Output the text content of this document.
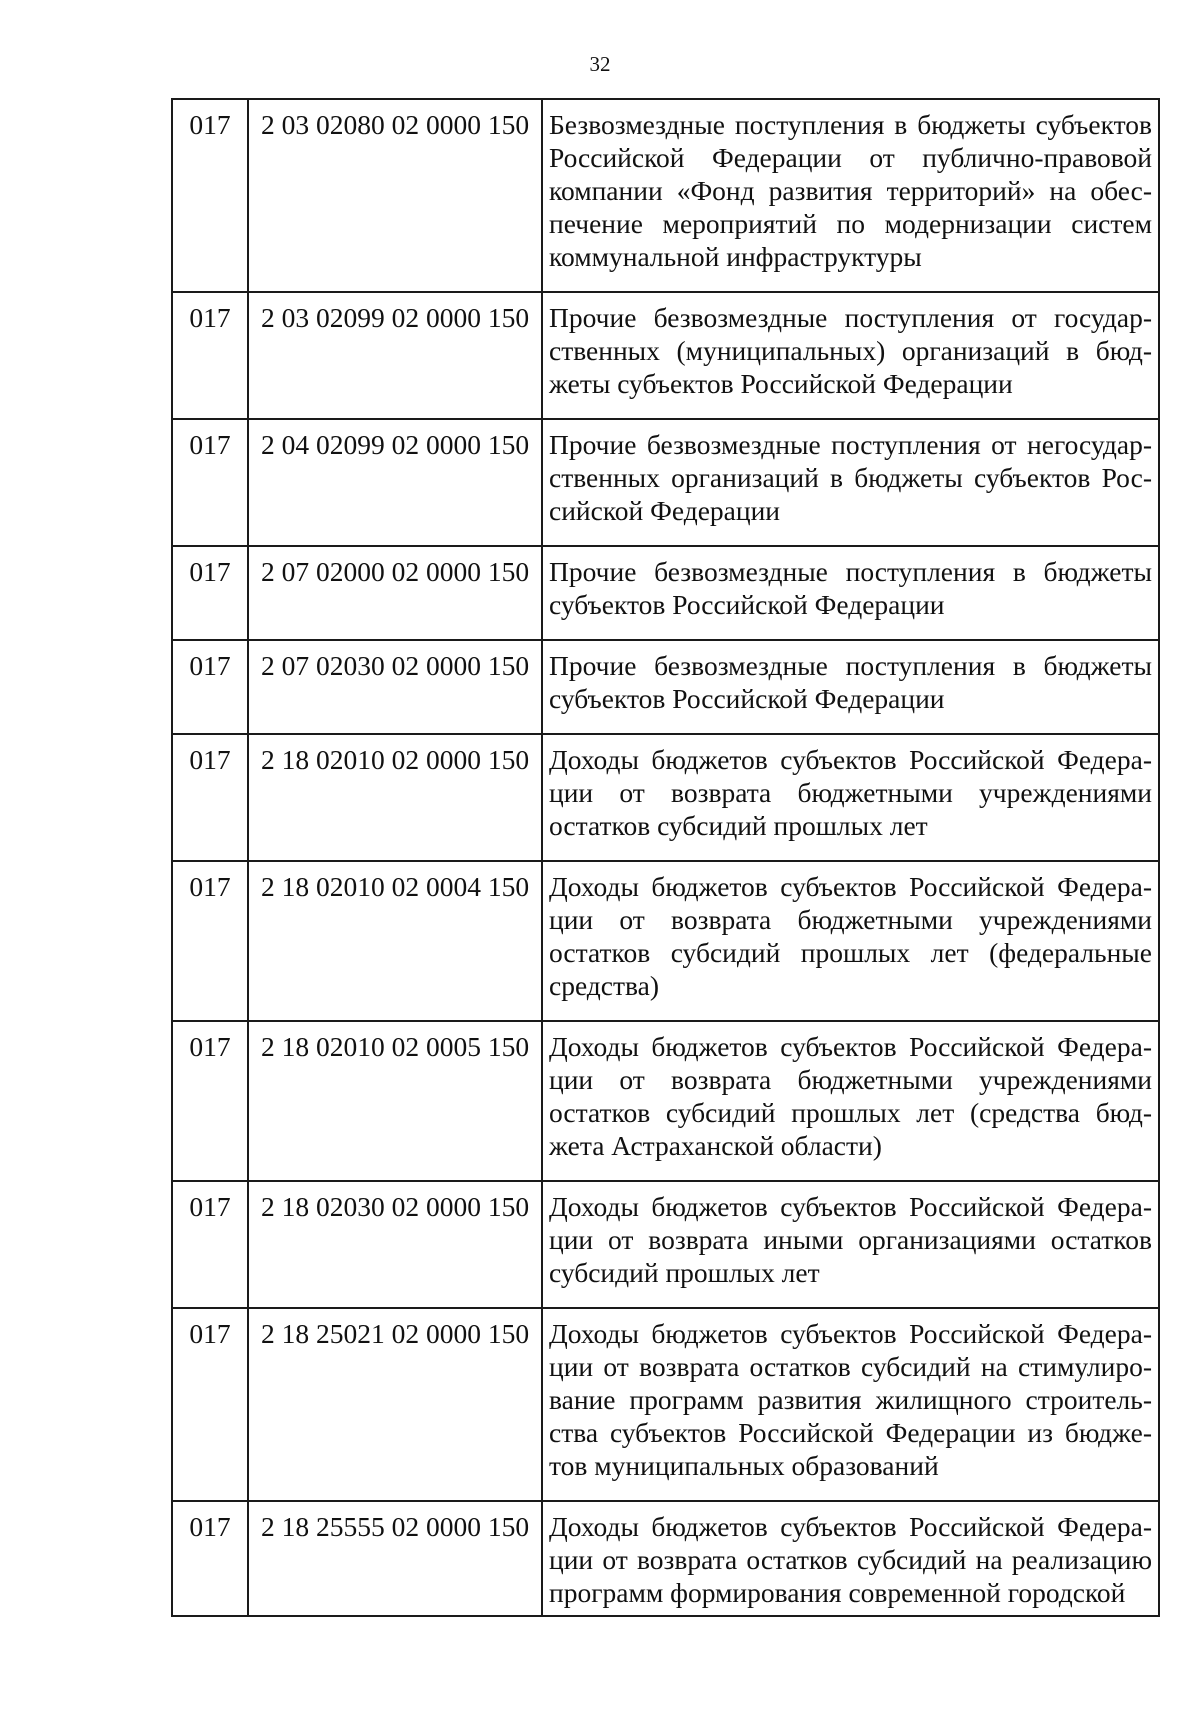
32
017	2 03 02080 02 0000 150	Безвозмездные поступления в бюджеты субъектов Российской Федерации от публично-правовой компании «Фонд развития территорий» на обеспечение мероприятий по модернизации систем коммунальной инфраструктуры
017	2 03 02099 02 0000 150	Прочие безвозмездные поступления от государственных (муниципальных) организаций в бюджеты субъектов Российской Федерации
017	2 04 02099 02 0000 150	Прочие безвозмездные поступления от негосударственных организаций в бюджеты субъектов Российской Федерации
017	2 07 02000 02 0000 150	Прочие безвозмездные поступления в бюджеты субъектов Российской Федерации
017	2 07 02030 02 0000 150	Прочие безвозмездные поступления в бюджеты субъектов Российской Федерации
017	2 18 02010 02 0000 150	Доходы бюджетов субъектов Российской Федерации от возврата бюджетными учреждениями остатков субсидий прошлых лет
017	2 18 02010 02 0004 150	Доходы бюджетов субъектов Российской Федерации от возврата бюджетными учреждениями остатков субсидий прошлых лет (федеральные средства)
017	2 18 02010 02 0005 150	Доходы бюджетов субъектов Российской Федерации от возврата бюджетными учреждениями остатков субсидий прошлых лет (средства бюджета Астраханской области)
017	2 18 02030 02 0000 150	Доходы бюджетов субъектов Российской Федерации от возврата иными организациями остатков субсидий прошлых лет
017	2 18 25021 02 0000 150	Доходы бюджетов субъектов Российской Федерации от возврата остатков субсидий на стимулирование программ развития жилищного строительства субъектов Российской Федерации из бюджетов муниципальных образований
017	2 18 25555 02 0000 150	Доходы бюджетов субъектов Российской Федерации от возврата остатков субсидий на реализацию программ формирования современной городской
